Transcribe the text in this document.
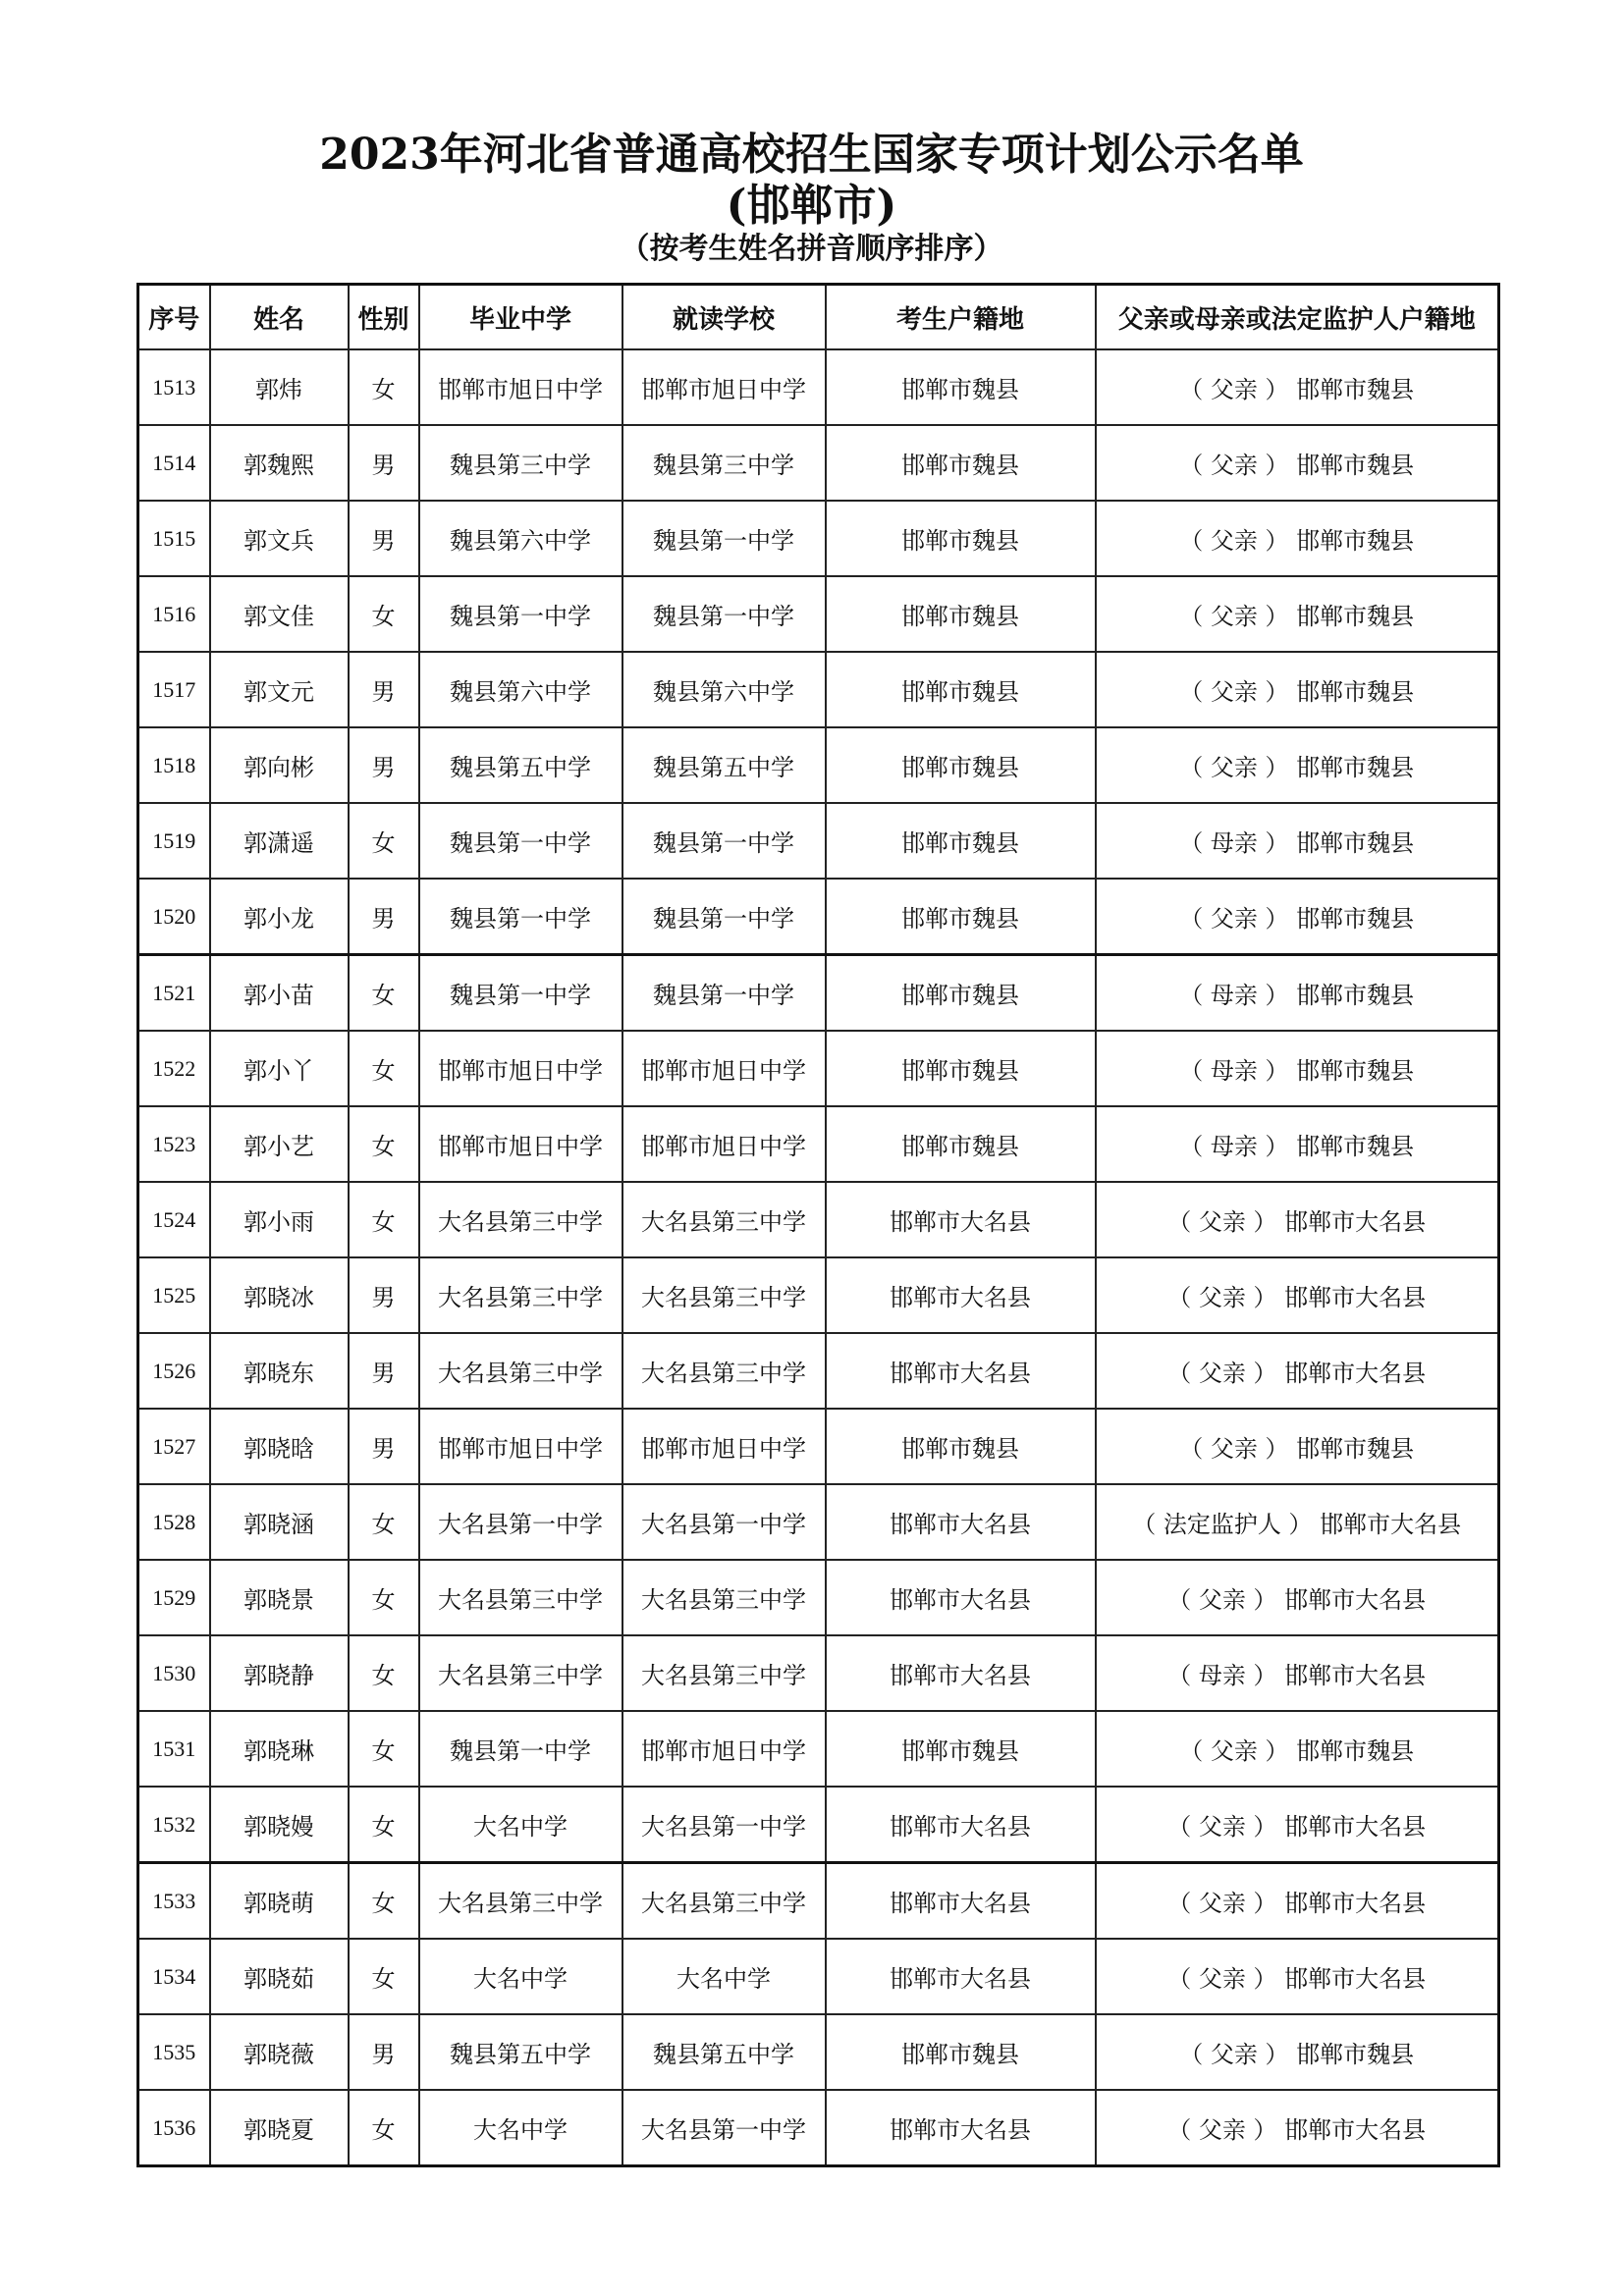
2023年河北省普通高校招生国家专项计划公示名单
(邯郸市)
（按考生姓名拼音顺序排序）
序号	姓名	性别	毕业中学	就读学校	考生户籍地	父亲或母亲或法定监护人户籍地
1513	郭炜	女	邯郸市旭日中学	邯郸市旭日中学	邯郸市魏县	（ 父亲 ） 邯郸市魏县
1514	郭魏熙	男	魏县第三中学	魏县第三中学	邯郸市魏县	（ 父亲 ） 邯郸市魏县
1515	郭文兵	男	魏县第六中学	魏县第一中学	邯郸市魏县	（ 父亲 ） 邯郸市魏县
1516	郭文佳	女	魏县第一中学	魏县第一中学	邯郸市魏县	（ 父亲 ） 邯郸市魏县
1517	郭文元	男	魏县第六中学	魏县第六中学	邯郸市魏县	（ 父亲 ） 邯郸市魏县
1518	郭向彬	男	魏县第五中学	魏县第五中学	邯郸市魏县	（ 父亲 ） 邯郸市魏县
1519	郭潇遥	女	魏县第一中学	魏县第一中学	邯郸市魏县	（ 母亲 ） 邯郸市魏县
1520	郭小龙	男	魏县第一中学	魏县第一中学	邯郸市魏县	（ 父亲 ） 邯郸市魏县
1521	郭小苗	女	魏县第一中学	魏县第一中学	邯郸市魏县	（ 母亲 ） 邯郸市魏县
1522	郭小丫	女	邯郸市旭日中学	邯郸市旭日中学	邯郸市魏县	（ 母亲 ） 邯郸市魏县
1523	郭小艺	女	邯郸市旭日中学	邯郸市旭日中学	邯郸市魏县	（ 母亲 ） 邯郸市魏县
1524	郭小雨	女	大名县第三中学	大名县第三中学	邯郸市大名县	（ 父亲 ） 邯郸市大名县
1525	郭晓冰	男	大名县第三中学	大名县第三中学	邯郸市大名县	（ 父亲 ） 邯郸市大名县
1526	郭晓东	男	大名县第三中学	大名县第三中学	邯郸市大名县	（ 父亲 ） 邯郸市大名县
1527	郭晓晗	男	邯郸市旭日中学	邯郸市旭日中学	邯郸市魏县	（ 父亲 ） 邯郸市魏县
1528	郭晓涵	女	大名县第一中学	大名县第一中学	邯郸市大名县	（ 法定监护人 ） 邯郸市大名县
1529	郭晓景	女	大名县第三中学	大名县第三中学	邯郸市大名县	（ 父亲 ） 邯郸市大名县
1530	郭晓静	女	大名县第三中学	大名县第三中学	邯郸市大名县	（ 母亲 ） 邯郸市大名县
1531	郭晓琳	女	魏县第一中学	邯郸市旭日中学	邯郸市魏县	（ 父亲 ） 邯郸市魏县
1532	郭晓嫚	女	大名中学	大名县第一中学	邯郸市大名县	（ 父亲 ） 邯郸市大名县
1533	郭晓萌	女	大名县第三中学	大名县第三中学	邯郸市大名县	（ 父亲 ） 邯郸市大名县
1534	郭晓茹	女	大名中学	大名中学	邯郸市大名县	（ 父亲 ） 邯郸市大名县
1535	郭晓薇	男	魏县第五中学	魏县第五中学	邯郸市魏县	（ 父亲 ） 邯郸市魏县
1536	郭晓夏	女	大名中学	大名县第一中学	邯郸市大名县	（ 父亲 ） 邯郸市大名县
